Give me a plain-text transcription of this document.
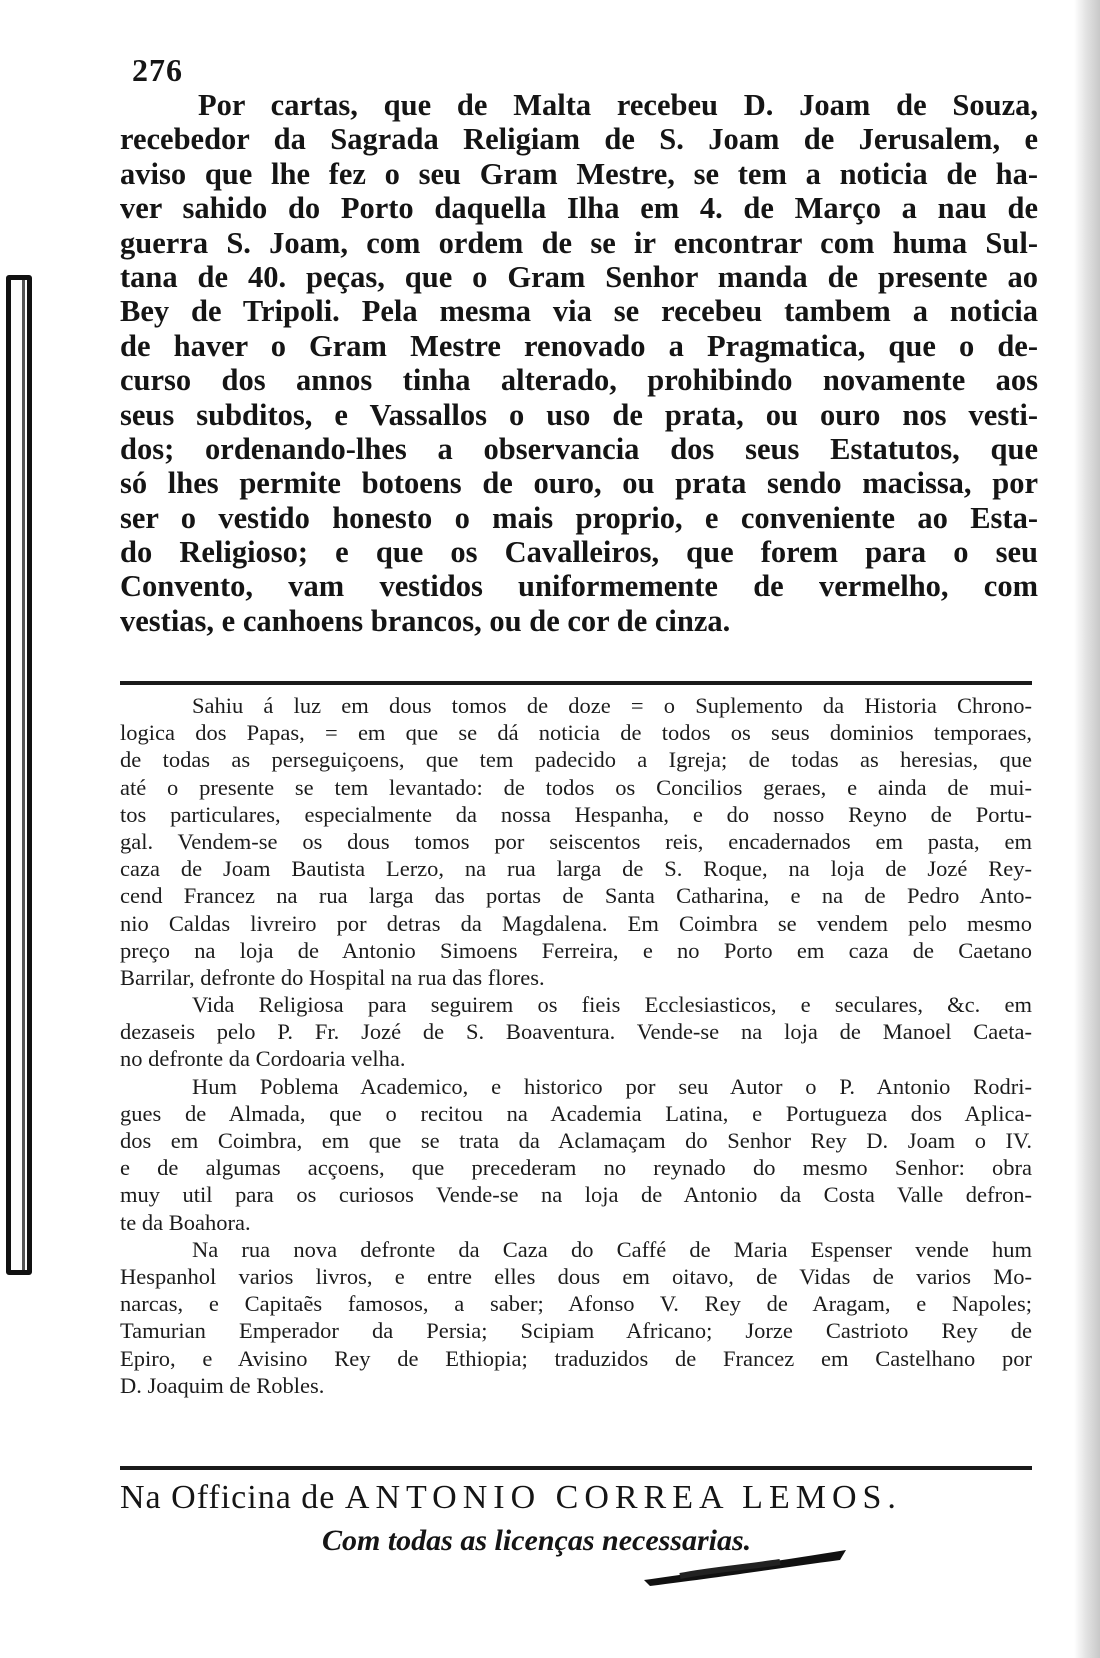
276
Por cartas, que de Malta recebeu D. Joam de Souza,
recebedor da Sagrada Religiam de S. Joam de Jerusalem, e
aviso que lhe fez o seu Gram Mestre, se tem a noticia de ha-
ver sahido do Porto daquella Ilha em 4. de Março a nau de
guerra S. Joam, com ordem de se ir encontrar com huma Sul-
tana de 40. peças, que o Gram Senhor manda de presente ao
Bey de Tripoli. Pela mesma via se recebeu tambem a noticia
de haver o Gram Mestre renovado a Pragmatica, que o de-
curso dos annos tinha alterado, prohibindo novamente aos
seus subditos, e Vassallos o uso de prata, ou ouro nos vesti-
dos; ordenando-lhes a observancia dos seus Estatutos, que
só lhes permite botoens de ouro, ou prata sendo macissa, por
ser o vestido honesto o mais proprio, e conveniente ao Esta-
do Religioso; e que os Cavalleiros, que forem para o seu
Convento, vam vestidos uniformemente de vermelho, com
vestias, e canhoens brancos, ou de cor de cinza.
Sahiu á luz em dous tomos de doze = o Suplemento da Historia Chrono-
logica dos Papas, = em que se dá noticia de todos os seus dominios temporaes,
de todas as perseguiçoens, que tem padecido a Igreja; de todas as heresias, que
até o presente se tem levantado: de todos os Concilios geraes, e ainda de mui-
tos particulares, especialmente da nossa Hespanha, e do nosso Reyno de Portu-
gal. Vendem-se os dous tomos por seiscentos reis, encadernados em pasta, em
caza de Joam Bautista Lerzo, na rua larga de S. Roque, na loja de Jozé Rey-
cend Francez na rua larga das portas de Santa Catharina, e na de Pedro Anto-
nio Caldas livreiro por detras da Magdalena. Em Coimbra se vendem pelo mesmo
preço na loja de Antonio Simoens Ferreira, e no Porto em caza de Caetano
Barrilar, defronte do Hospital na rua das flores.
Vida Religiosa para seguirem os fieis Ecclesiasticos, e seculares, &c. em
dezaseis pelo P. Fr. Jozé de S. Boaventura. Vende-se na loja de Manoel Caeta-
no defronte da Cordoaria velha.
Hum Poblema Academico, e historico por seu Autor o P. Antonio Rodri-
gues de Almada, que o recitou na Academia Latina, e Portugueza dos Aplica-
dos em Coimbra, em que se trata da Aclamaçam do Senhor Rey D. Joam o IV.
e de algumas acçoens, que precederam no reynado do mesmo Senhor: obra
muy util para os curiosos Vende-se na loja de Antonio da Costa Valle defron-
te da Boahora.
Na rua nova defronte da Caza do Caffé de Maria Espenser vende hum
Hespanhol varios livros, e entre elles dous em oitavo, de Vidas de varios Mo-
narcas, e Capitaẽs famosos, a saber; Afonso V. Rey de Aragam, e Napoles;
Tamurian Emperador da Persia; Scipiam Africano; Jorze Castrioto Rey de
Epiro, e Avisino Rey de Ethiopia; traduzidos de Francez em Castelhano por
D. Joaquim de Robles.
Na Officina de ANTONIO CORREA LEMOS.
Com todas as licenças necessarias.
